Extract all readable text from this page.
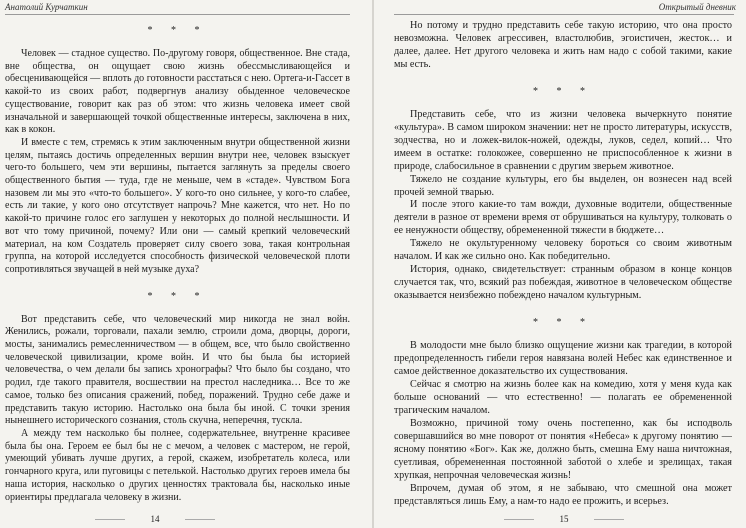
Анатолий Курчаткин
* * *

Человек — стадное существо. По-другому говоря, общественное. Вне стада, вне общества, он ощущает свою жизнь обессмысливающейся и обесценивающейся — вплоть до готовности расстаться с нею. Ортега-и-Гассет в какой-то из своих работ, подвергнув анализу обыденное человеческое существование, говорит как раз об этом: что жизнь человека имеет свой изначальной и завершающей точкой общественные интересы, заключена в них, как в кокон.

И вместе с тем, стремясь к этим заключенным внутри общественной жизни целям, пытаясь достичь определенных вершин внутри нее, человек взыскует чего-то большего, чем эти вершины, пытается заглянуть за пределы своего общественного бытия — туда, где не меньше, чем в «стаде». Чувством Бога назовем ли мы это «что-то большего». У кого-то оно сильнее, у кого-то слабее, есть ли такие, у кого оно отсутствует напрочь? Мне кажется, что нет. Но по какой-то причине голос его заглушен у некоторых до полной неслышности. И вот что тому причиной, почему? Или они — самый крепкий человеческий материал, на ком Создатель проверяет силу своего зова, такая контрольная группа, на которой исследуется способность физической человеческой плоти сопротивляться звучащей в ней музыке духа?

* * *

Вот представить себе, что человеческий мир никогда не знал войн. Женились, рожали, торговали, пахали землю, строили дома, дворцы, дороги, мосты, занимались ремесленничеством — в общем, все, что было свойственно человеческой цивилизации, кроме войн. И что бы была бы историей человечества, о чем делали бы запись хронографы? Что было бы создано, что родил, где такого правителя, восшествии на престол наследника… Все то же самое, только без описания сражений, побед, поражений. Трудно себе даже и представить такую историю. Настолько она была бы иной. С точки зрения нынешнего исторического сознания, столь скучна, неперечня, тускла.

А между тем насколько бы полнее, содержательнее, внутренне красивее была бы она. Героем ее был бы не с мечом, а человек с мастером, не герой, умеющий убивать лучше других, а герой, скажем, изобретатель колеса, или гончарного круга, или пуговицы с петелькой. Настолько других героев имела бы наша история, насколько о других ценностях трактовала бы, насколько иные ориентиры предлагала человеку в жизни.

14
Открытый дневник

Но потому и трудно представить себе такую историю, что она просто невозможна. Человек агрессивен, властолюбив, эгоистичен, жесток… и далее, далее. Нет другого человека и жить нам надо с собой такими, какие мы есть.

* * *

Представить себе, что из жизни человека вычеркнуто понятие «культура». В самом широком значении: нет не просто литературы, искусств, зодчества, но и ложек-вилок-ножей, одежды, луков, седел, копий… Что имеем в остатке: голокожее, совершенно не приспособленное к жизни в природе, слабосильное в сравнении с другим зверьем животное.

Тяжело не создание культуры, его бы выделен, он вознесен над всей прочей земной тварью.

И после этого какие-то там вожди, духовные водители, общественные деятели в разное от времени время от обрушиваться на культуру, толковать о ее ненужности обществу, обремененной тяжести в бюджете…

Тяжело не окультуренному человеку бороться со своим животным началом. И как же сильно оно. Как победительно.

История, однако, свидетельствует: странным образом в конце концов случается так, что, всякий раз побеждая, животное в человеческом обществе оказывается неизбежно побеждено началом культурным.

* * *

В молодости мне было близко ощущение жизни как трагедии, в которой предопределенность гибели героя навязана волей Небес как единственное и самое действенное доказательство их существования.

Сейчас я смотрю на жизнь более как на комедию, хотя у меня куда как больше оснований — что естественно! — полагать ее обремененной трагическим началом.

Возможно, причиной тому очень постепенно, как бы исподволь совершавшийся во мне поворот от понятия «Небеса» к другому понятию — ясному понятию «Бог». Как же, должно быть, смешна Ему наша ничтожная, суетливая, обремененная постоянной заботой о хлебе и зрелищах, такая хрупкая, непрочная человеческая жизнь!

Впрочем, думая об этом, я не забываю, что смешной она может представляться лишь Ему, а нам-то надо ее прожить, и всерьез.

15
